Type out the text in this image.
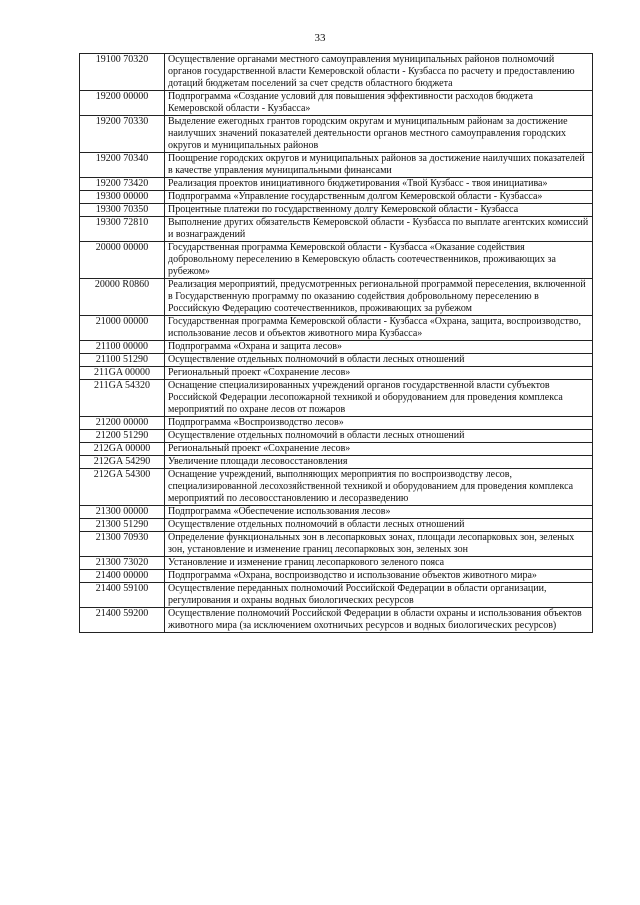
33
19100 70320	Осуществление органами местного самоуправления муниципальных районов полномочий органов государственной власти Кемеровской области - Кузбасса по расчету и предоставлению дотаций бюджетам поселений за счет средств областного бюджета
19200 00000	Подпрограмма «Создание условий для повышения эффективности расходов бюджета Кемеровской области - Кузбасса»
19200 70330	Выделение ежегодных грантов городским округам и муниципальным районам за достижение наилучших значений показателей деятельности органов местного самоуправления городских округов и муниципальных районов
19200 70340	Поощрение городских округов и муниципальных районов за достижение наилучших показателей в качестве управления муниципальными финансами
19200 73420	Реализация проектов инициативного бюджетирования «Твой Кузбасс - твоя инициатива»
19300 00000	Подпрограмма «Управление государственным долгом Кемеровской области - Кузбасса»
19300 70350	Процентные платежи по государственному долгу Кемеровской области - Кузбасса
19300 72810	Выполнение других обязательств Кемеровской области - Кузбасса по выплате агентских комиссий и вознаграждений
20000 00000	Государственная программа Кемеровской области - Кузбасса «Оказание содействия добровольному переселению в Кемеровскую область соотечественников, проживающих за рубежом»
20000 R0860	Реализация мероприятий, предусмотренных региональной программой переселения, включенной в Государственную программу по оказанию содействия добровольному переселению в Российскую Федерацию соотечественников, проживающих за рубежом
21000 00000	Государственная программа Кемеровской области - Кузбасса «Охрана, защита, воспроизводство, использование лесов и объектов животного мира Кузбасса»
21100 00000	Подпрограмма «Охрана и защита лесов»
21100 51290	Осуществление отдельных полномочий в области лесных отношений
211GA 00000	Региональный проект «Сохранение лесов»
211GA 54320	Оснащение специализированных учреждений органов государственной власти субъектов Российской Федерации лесопожарной техникой и оборудованием для проведения комплекса мероприятий по охране лесов от пожаров
21200 00000	Подпрограмма «Воспроизводство лесов»
21200 51290	Осуществление отдельных полномочий в области лесных отношений
212GA 00000	Региональный проект «Сохранение лесов»
212GA 54290	Увеличение площади лесовосстановления
212GA 54300	Оснащение учреждений, выполняющих мероприятия по воспроизводству лесов, специализированной лесохозяйственной техникой и оборудованием для проведения комплекса мероприятий по лесовосстановлению и лесоразведению
21300 00000	Подпрограмма «Обеспечение использования лесов»
21300 51290	Осуществление отдельных полномочий в области лесных отношений
21300 70930	Определение функциональных зон в лесопарковых зонах, площади лесопарковых зон, зеленых зон, установление и изменение границ лесопарковых зон, зеленых зон
21300 73020	Установление и изменение границ лесопаркового зеленого пояса
21400 00000	Подпрограмма «Охрана, воспроизводство и использование объектов животного мира»
21400 59100	Осуществление переданных полномочий Российской Федерации в области организации, регулирования и охраны водных биологических ресурсов
21400 59200	Осуществление полномочий Российской Федерации в области охраны и использования объектов животного мира (за исключением охотничьих ресурсов и водных биологических ресурсов)
